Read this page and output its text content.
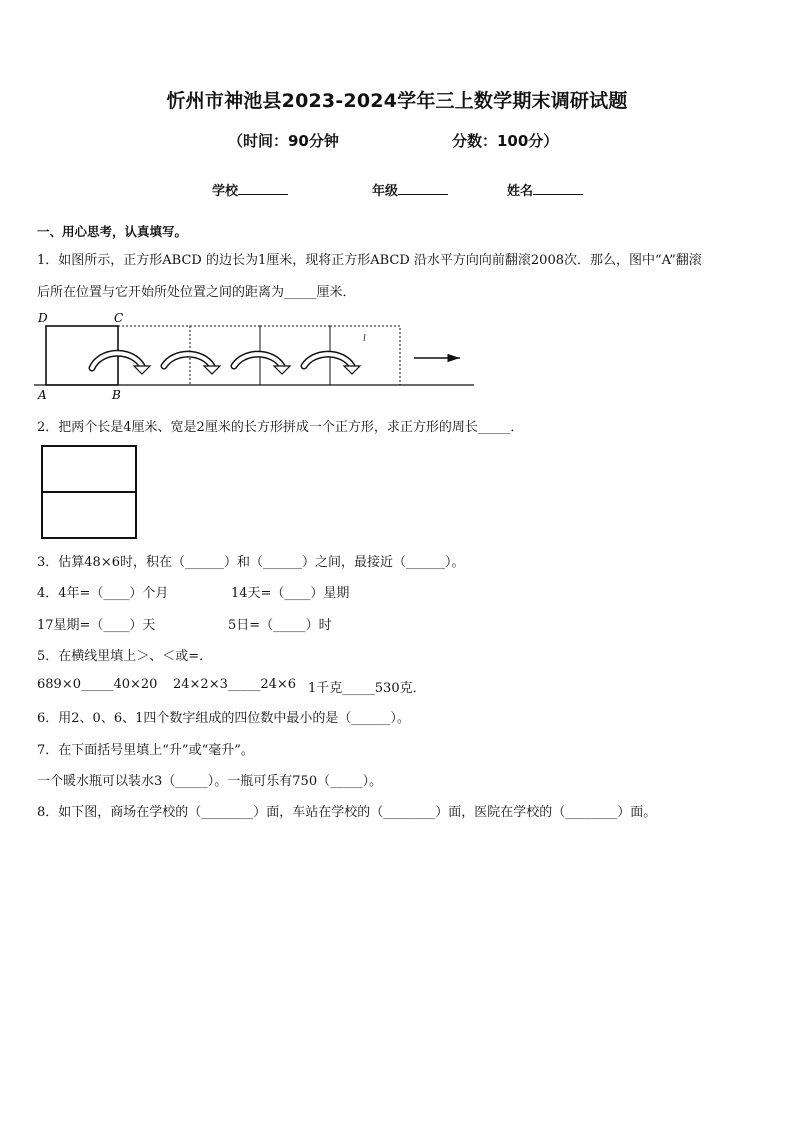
忻州市神池县2023-2024学年三上数学期末调研试题
（时间：90分钟	分数：100分）
学校	年级	姓名
一、用心思考，认真填写。
1．如图所示，正方形ABCD 的边长为1厘米，现将正方形ABCD 沿水平方向向前翻滚2008次．那么，图中“A”翻滚
后所在位置与它开始所处位置之间的距离为_____厘米．
D	C
A	B
2．把两个长是4厘米、宽是2厘米的长方形拼成一个正方形，求正方形的周长_____．
3．估算48×6时，积在（______）和（______）之间，最接近（______）。
4．4年=（____）个月	14天=（____）星期
17星期=（____）天	5日=（_____）时
5．在横线里填上＞、＜或=．
689×0_____40×20 24×2×3_____24×6 1千克_____530克．
6．用2、0、6、1四个数字组成的四位数中最小的是（______）。
7．在下面括号里填上“升”或“毫升”。
一个暖水瓶可以装水3（_____）。一瓶可乐有750（_____）。
8．如下图，商场在学校的（________）面，车站在学校的（________）面，医院在学校的（________）面。
